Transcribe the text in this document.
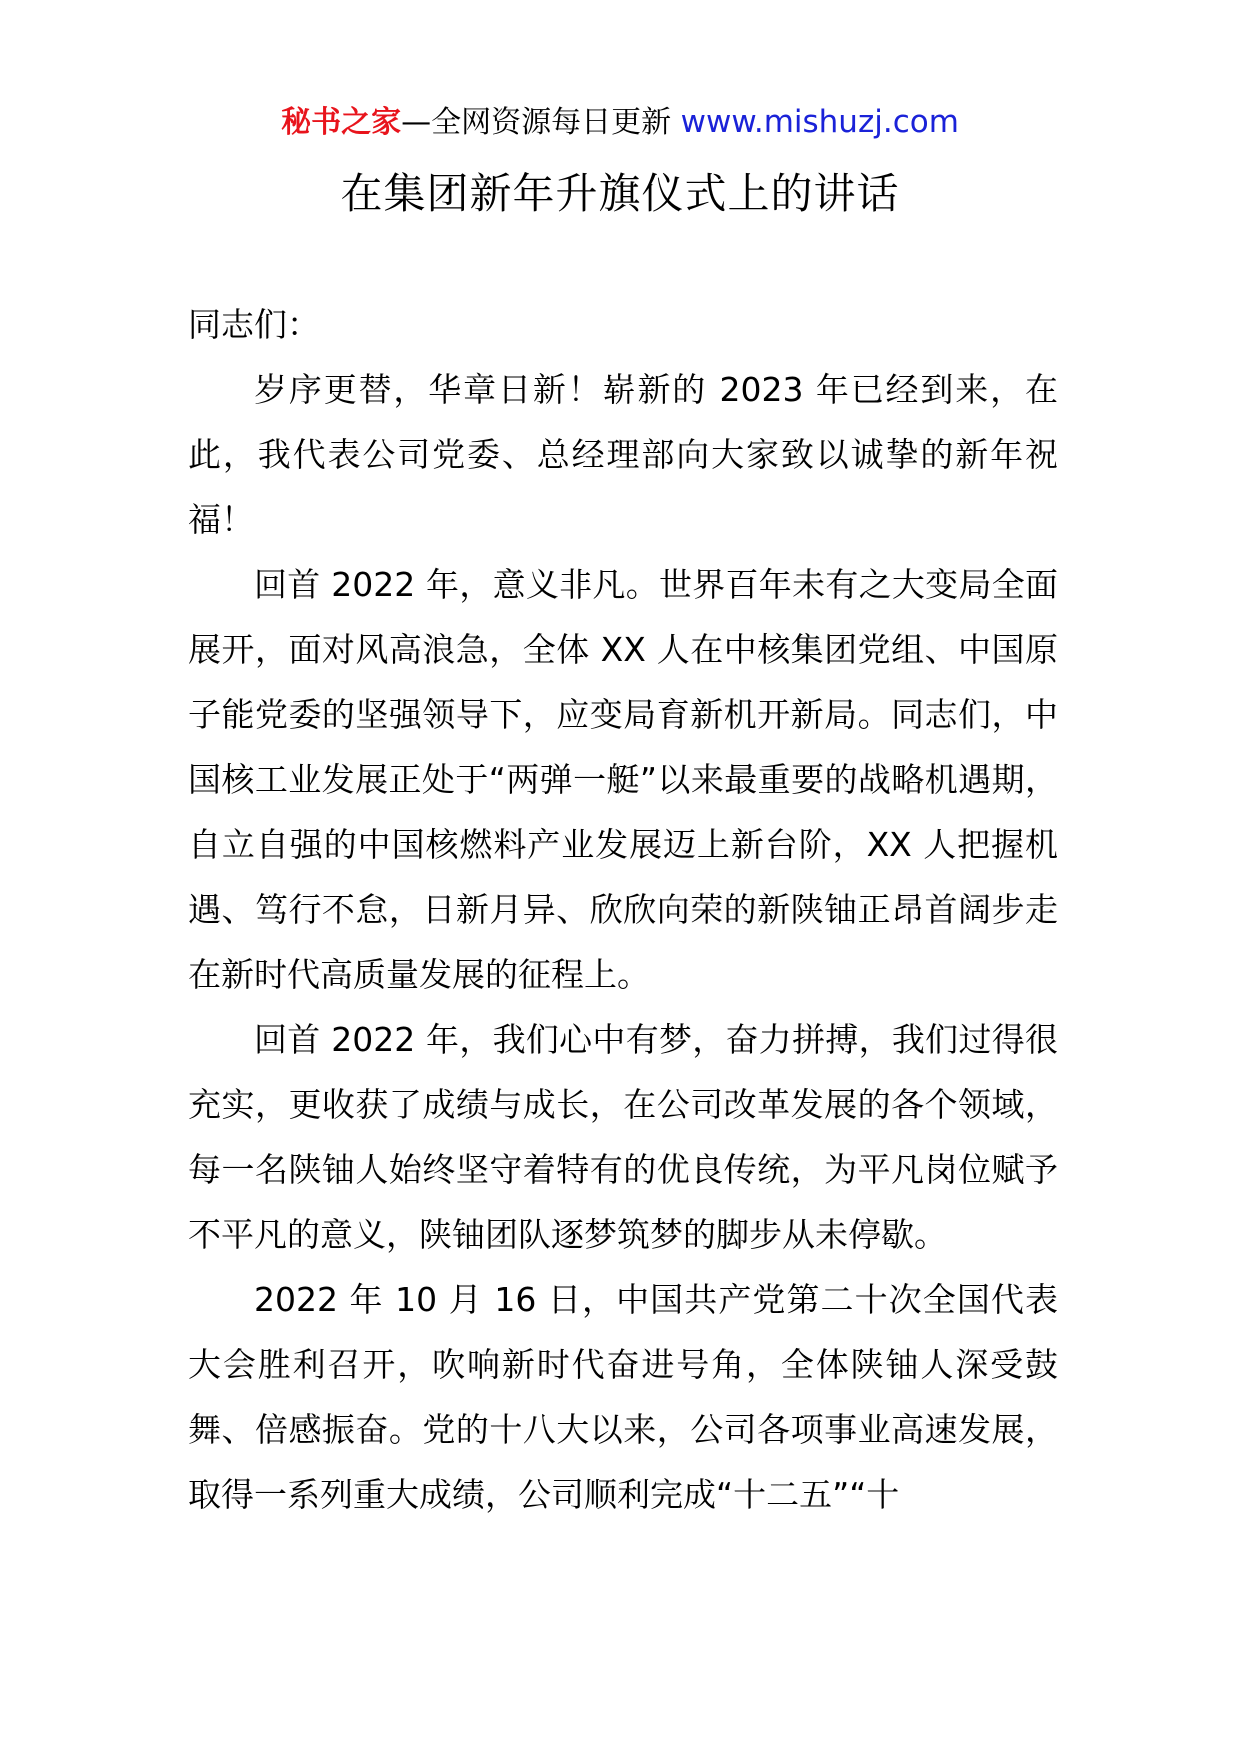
秘书之家—全网资源每日更新 www.mishuzj.com
在集团新年升旗仪式上的讲话

同志们：

岁序更替，华章日新！崭新的 2023 年已经到来，在此，我代表公司党委、总经理部向大家致以诚挚的新年祝福！

回首 2022 年，意义非凡。世界百年未有之大变局全面展开，面对风高浪急，全体 XX 人在中核集团党组、中国原子能党委的坚强领导下，应变局育新机开新局。同志们，中国核工业发展正处于“两弹一艇”以来最重要的战略机遇期，自立自强的中国核燃料产业发展迈上新台阶，XX 人把握机遇、笃行不怠，日新月异、欣欣向荣的新陕铀正昂首阔步走在新时代高质量发展的征程上。

回首 2022 年，我们心中有梦，奋力拼搏，我们过得很充实，更收获了成绩与成长，在公司改革发展的各个领域，每一名陕铀人始终坚守着特有的优良传统，为平凡岗位赋予不平凡的意义，陕铀团队逐梦筑梦的脚步从未停歇。

2022 年 10 月 16 日，中国共产党第二十次全国代表大会胜利召开，吹响新时代奋进号角，全体陕铀人深受鼓舞、倍感振奋。党的十八大以来，公司各项事业高速发展，取得一系列重大成绩，公司顺利完成“十二五”“十
